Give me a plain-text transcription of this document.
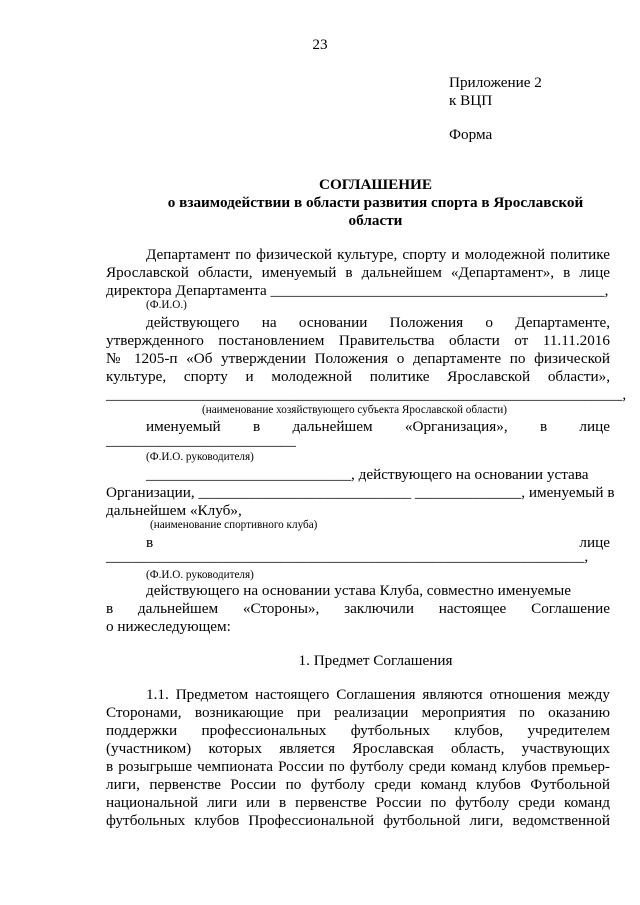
23
Приложение 2
к ВЦП
Форма
СОГЛАШЕНИЕ
о взаимодействии в области развития спорта в Ярославской
области
Департамент по физической культуре, спорту и молодежной политике
Ярославской области, именуемый в дальнейшем «Департамент», в лице
директора Департамента ____________________________________________,
(Ф.И.О.)
действующего на основании Положения о Департаменте,
утвержденного постановлением Правительства области от 11.11.2016
№ 1205-п «Об утверждении Положения о департаменте по физической
культуре, спорту и молодежной политике Ярославской области»,
____________________________________________________________________,
(наименование хозяйствующего субъекта Ярославской области)
именуемый в дальнейшем «Организация», в лице
_________________________
(Ф.И.О. руководителя)
___________________________, действующего на основании устава
Организации, ____________________________ ______________, именуемый в
дальнейшем «Клуб»,
(наименование спортивного клуба)
в лице
_______________________________________________________________,
(Ф.И.О. руководителя)
действующего на основании устава Клуба, совместно именуемые
в дальнейшем «Стороны», заключили настоящее Соглашение
о нижеследующем:
1. Предмет Соглашения
1.1. Предметом настоящего Соглашения являются отношения между
Сторонами, возникающие при реализации мероприятия по оказанию
поддержки профессиональных футбольных клубов, учредителем
(участником) которых является Ярославская область, участвующих
в розыгрыше чемпионата России по футболу среди команд клубов премьер-
лиги, первенстве России по футболу среди команд клубов Футбольной
национальной лиги или в первенстве России по футболу среди команд
футбольных клубов Профессиональной футбольной лиги, ведомственной
